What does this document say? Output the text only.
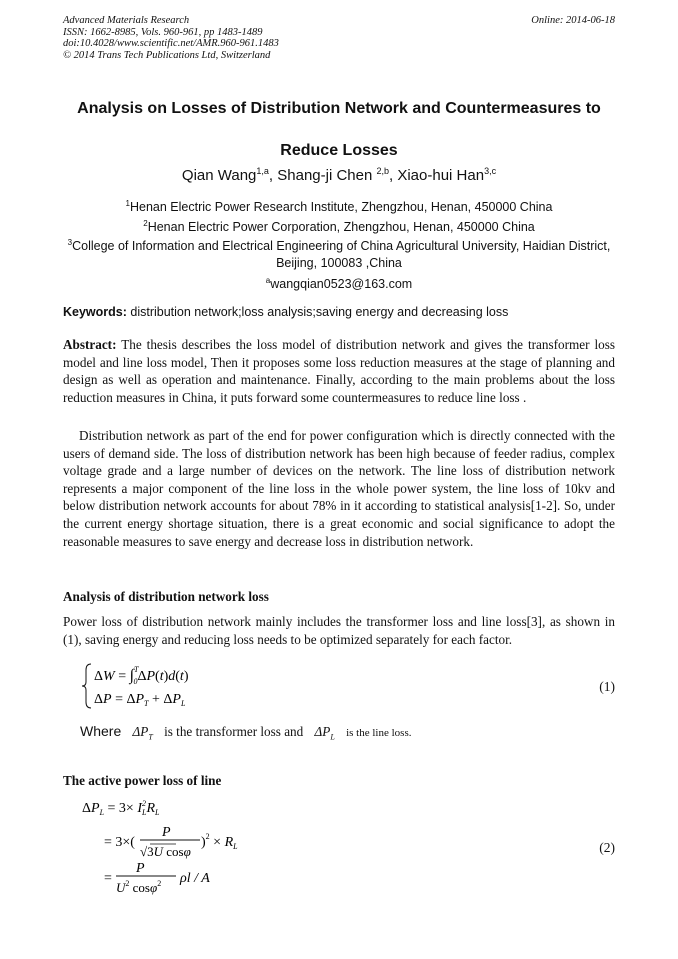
Advanced Materials Research
ISSN: 1662-8985, Vols. 960-961, pp 1483-1489
doi:10.4028/www.scientific.net/AMR.960-961.1483
© 2014 Trans Tech Publications Ltd, Switzerland
Online: 2014-06-18
Analysis on Losses of Distribution Network and Countermeasures to
Reduce Losses
Qian Wang$^{1,a}$, Shang-ji Chen $^{2,b}$, Xiao-hui Han$^{3,c}$
$^1$Henan Electric Power Research Institute, Zhengzhou, Henan, 450000 China
$^2$Henan Electric Power Corporation, Zhengzhou, Henan, 450000 China
$^3$College of Information and Electrical Engineering of China Agricultural University, Haidian District, Beijing, 100083 ,China
$^a$wangqian0523@163.com
Keywords: distribution network;loss analysis;saving energy and decreasing loss
Abstract: The thesis describes the loss model of distribution network and gives the transformer loss model and line loss model, Then it proposes some loss reduction measures at the stage of planning and design as well as operation and maintenance. Finally, according to the main problems about the loss reduction measures in China, it puts forward some countermeasures to reduce line loss .
Distribution network as part of the end for power configuration which is directly connected with the users of demand side. The loss of distribution network has been high because of feeder radius, complex voltage grade and a large number of devices on the network. The line loss of distribution network represents a major component of the line loss in the whole power system, the line loss of 10kv and below distribution network accounts for about 78% in it according to statistical analysis[1-2]. So, under the current energy shortage situation, there is a great economic and social significance to adopt the reasonable measures to save energy and decrease loss in distribution network.
Analysis of distribution network loss
Power loss of distribution network mainly includes the transformer loss and line loss[3], as shown in (1), saving energy and reducing loss needs to be optimized separately for each factor.
ΔW = ∫$^T$ 0ΔP(t)d(t)
$\Delta P = \Delta P_T + \Delta P_L$
(1)
Where $\Delta P_T$ is the transformer loss and $\Delta P_L$ is the line loss.
The active power loss of line
$\Delta P_L = 3\times I^2$ $LR_L$
= 3×(
P
√3U cosφ
)$^2 \times R_L$
=
P
$U^2$ cosφ$^2$ ρl / A
(2)
